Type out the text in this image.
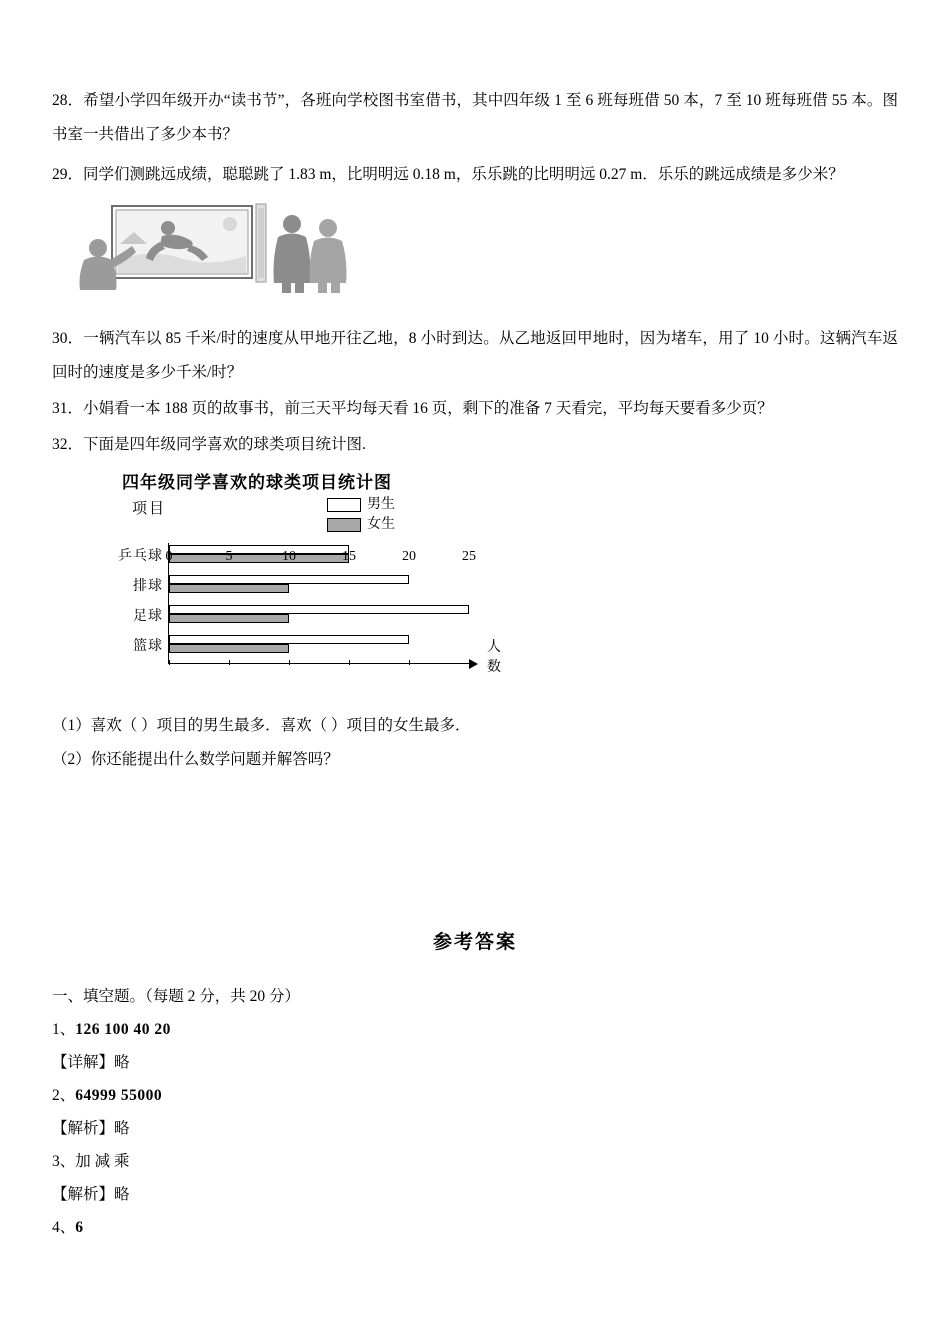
28．希望小学四年级开办“读书节”，各班向学校图书室借书，其中四年级 1 至 6 班每班借 50 本，7 至 10 班每班借 55 本。图书室一共借出了多少本书？

29．同学们测跳远成绩，聪聪跳了 1.83 m，比明明远 0.18 m，乐乐跳的比明明远 0.27 m．乐乐的跳远成绩是多少米？

30．一辆汽车以 85 千米/时的速度从甲地开往乙地，8 小时到达。从乙地返回甲地时，因为堵车，用了 10 小时。这辆汽车返回时的速度是多少千米/时？

31．小娟看一本 188 页的故事书，前三天平均每天看 16 页，剩下的准备 7 天看完，平均每天要看多少页？

32．下面是四年级同学喜欢的球类项目统计图.

四年级同学喜欢的球类项目统计图
项目	男生
女生
乒乓球
排球
足球
篮球
0	5	10	15	20	25
人数

（1）喜欢（ ）项目的男生最多．喜欢（ ）项目的女生最多．

（2）你还能提出什么数学问题并解答吗？

参考答案

一、填空题。（每题 2 分，共 20 分）

1、126 100 40 20

【详解】略

2、64999 55000

【解析】略

3、加 减 乘

【解析】略

4、6
